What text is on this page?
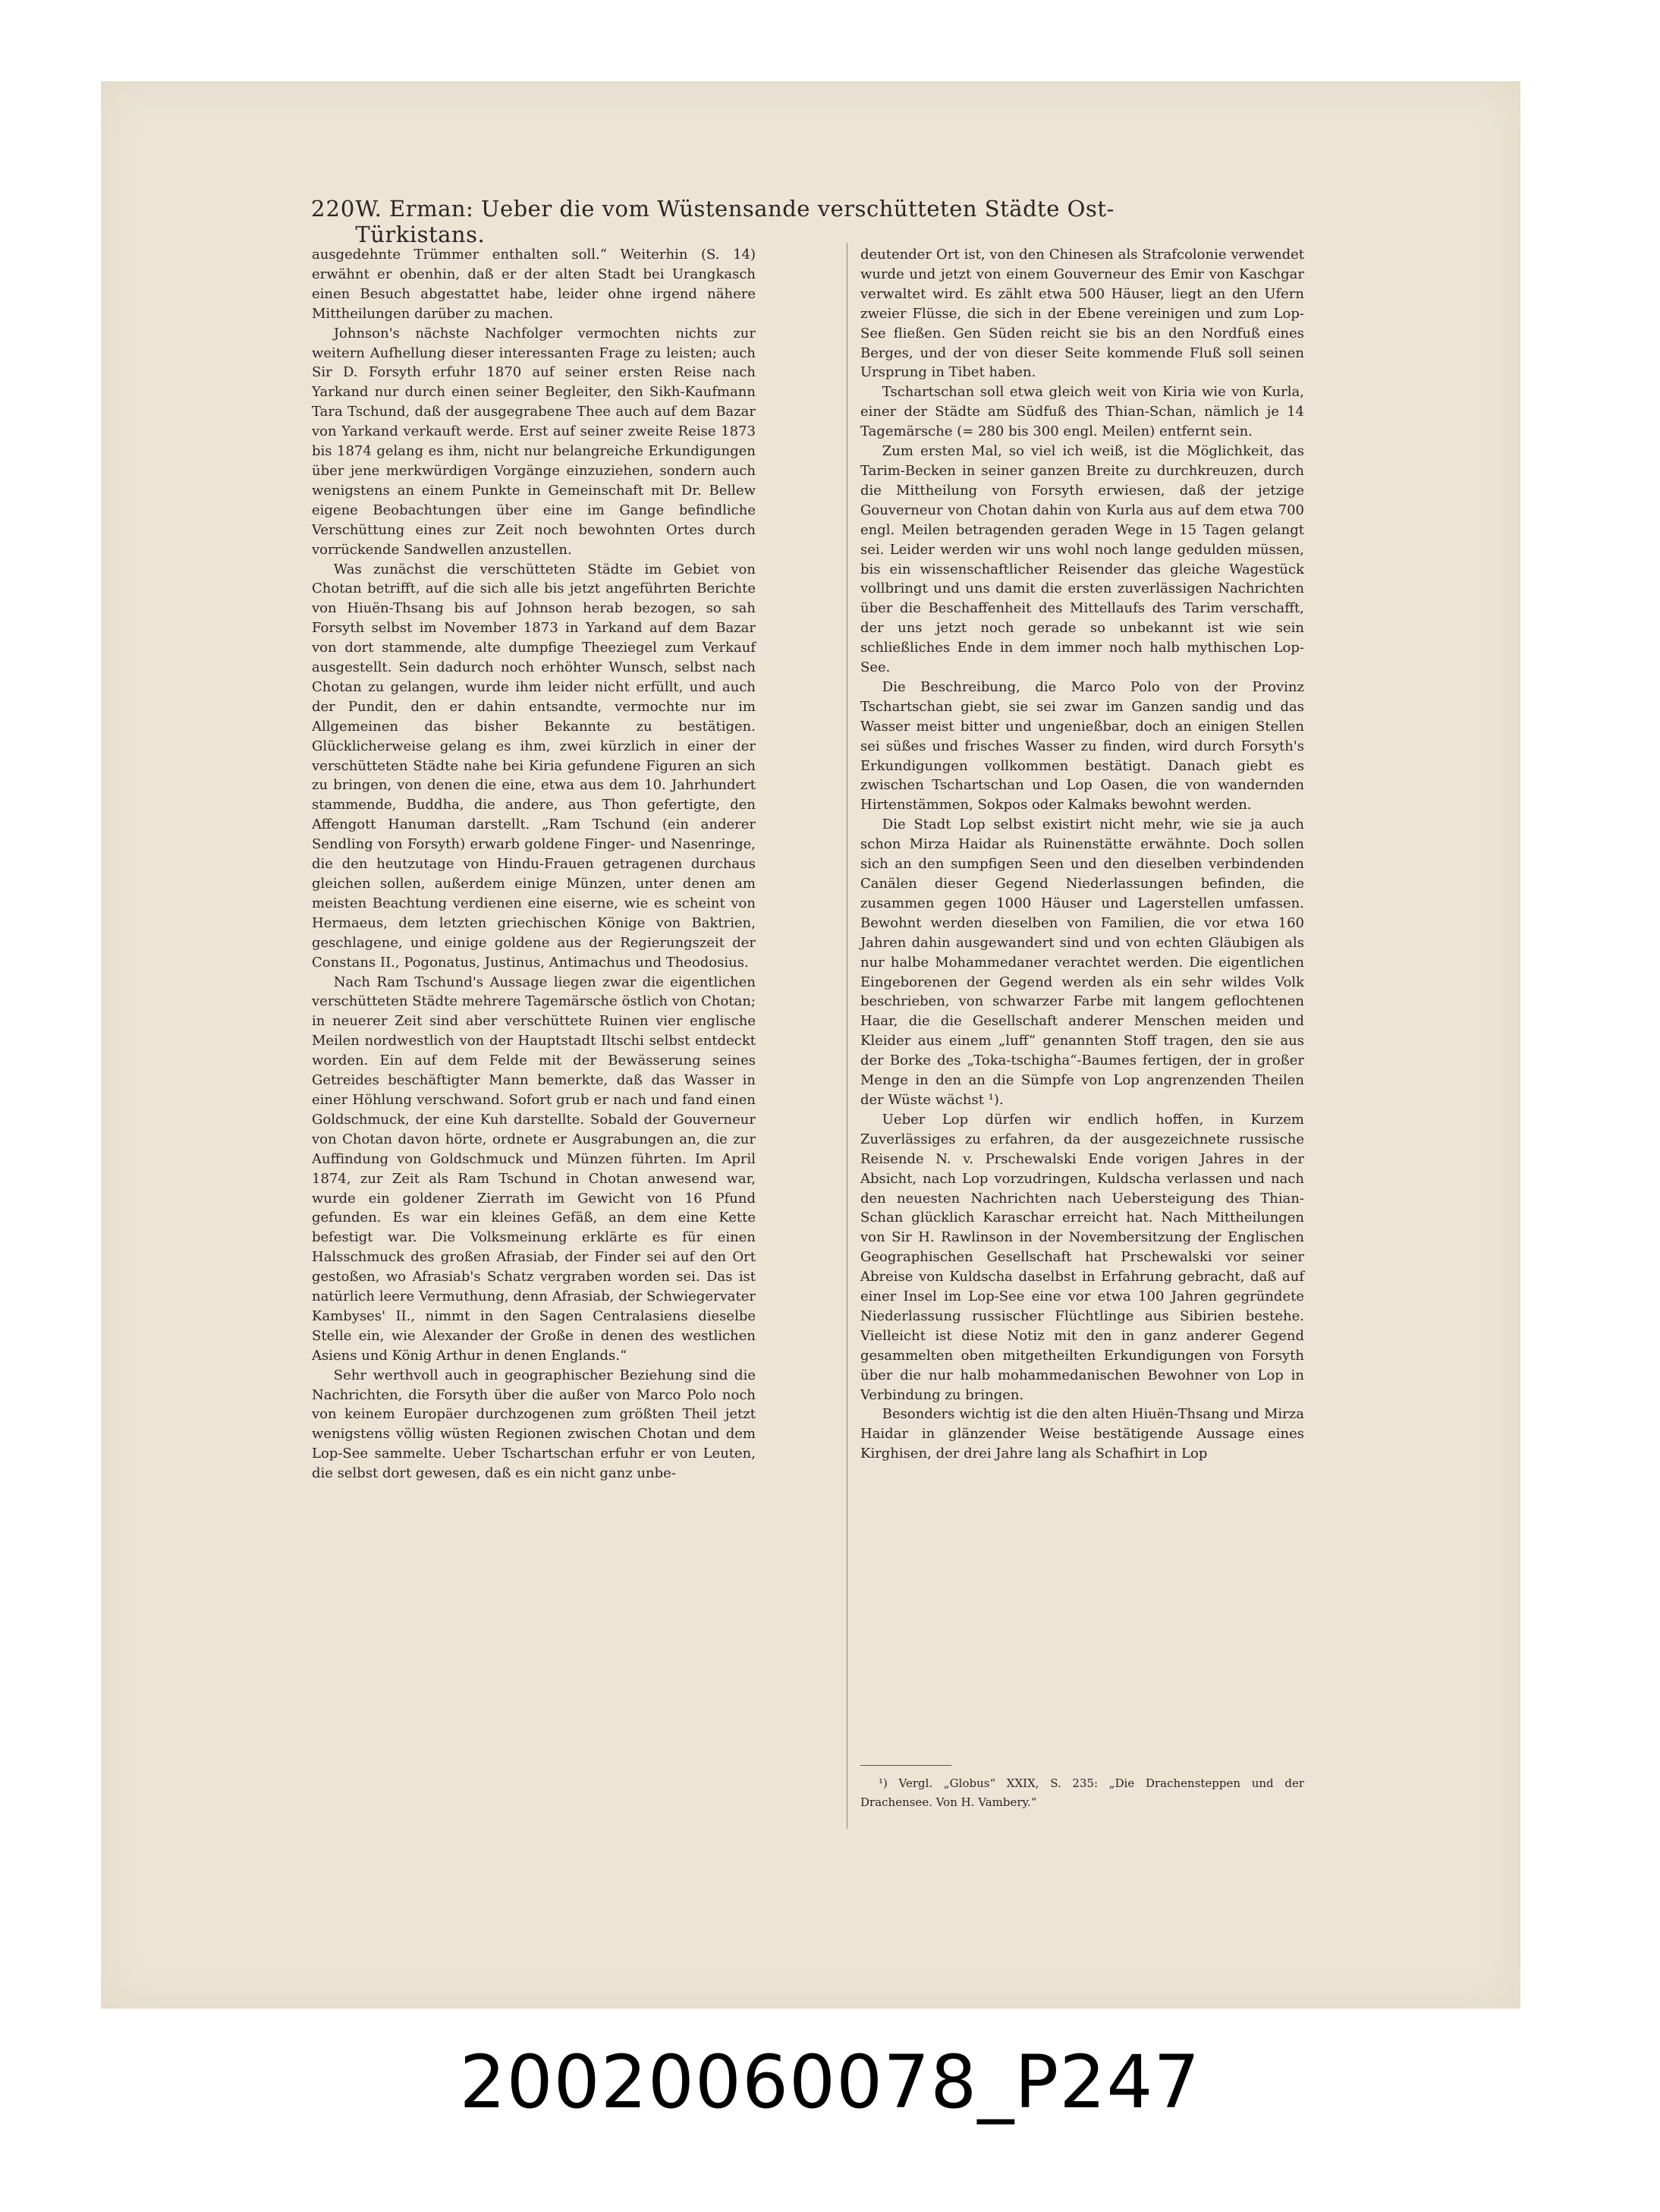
220 W. Erman: Ueber die vom Wüstensande verschütteten Städte Ost-Türkistans.

ausgedehnte Trümmer enthalten soll.“ Weiterhin (S. 14) erwähnt er obenhin, daß er der alten Stadt bei Urangkasch einen Besuch abgestattet habe, leider ohne irgend nähere Mittheilungen darüber zu machen.

Johnson's nächste Nachfolger vermochten nichts zur weitern Aufhellung dieser interessanten Frage zu leisten; auch Sir D. Forsyth erfuhr 1870 auf seiner ersten Reise nach Yarkand nur durch einen seiner Begleiter, den Sikh-Kaufmann Tara Tschund, daß der ausgegrabene Thee auch auf dem Bazar von Yarkand verkauft werde. Erst auf seiner zweite Reise 1873 bis 1874 gelang es ihm, nicht nur belangreiche Erkundigungen über jene merkwürdigen Vorgänge einzuziehen, sondern auch wenigstens an einem Punkte in Gemeinschaft mit Dr. Bellew eigene Beobachtungen über eine im Gange befindliche Verschüttung eines zur Zeit noch bewohnten Ortes durch vorrückende Sandwellen anzustellen.

Was zunächst die verschütteten Städte im Gebiet von Chotan betrifft, auf die sich alle bis jetzt angeführten Berichte von Hiuën-Thsang bis auf Johnson herab bezogen, so sah Forsyth selbst im November 1873 in Yarkand auf dem Bazar von dort stammende, alte dumpfige Theeziegel zum Verkauf ausgestellt. Sein dadurch noch erhöhter Wunsch, selbst nach Chotan zu gelangen, wurde ihm leider nicht erfüllt, und auch der Pundit, den er dahin entsandte, vermochte nur im Allgemeinen das bisher Bekannte zu bestätigen. Glücklicherweise gelang es ihm, zwei kürzlich in einer der verschütteten Städte nahe bei Kiria gefundene Figuren an sich zu bringen, von denen die eine, etwa aus dem 10. Jahrhundert stammende, Buddha, die andere, aus Thon gefertigte, den Affengott Hanuman darstellt. „Ram Tschund (ein anderer Sendling von Forsyth) erwarb goldene Finger- und Nasenringe, die den heutzutage von Hindu-Frauen getragenen durchaus gleichen sollen, außerdem einige Münzen, unter denen am meisten Beachtung verdienen eine eiserne, wie es scheint von Hermaeus, dem letzten griechischen Könige von Baktrien, geschlagene, und einige goldene aus der Regierungszeit der Constans II., Pogonatus, Justinus, Antimachus und Theodosius.

Nach Ram Tschund's Aussage liegen zwar die eigentlichen verschütteten Städte mehrere Tagemärsche östlich von Chotan; in neuerer Zeit sind aber verschüttete Ruinen vier englische Meilen nordwestlich von der Hauptstadt Iltschi selbst entdeckt worden. Ein auf dem Felde mit der Bewässerung seines Getreides beschäftigter Mann bemerkte, daß das Wasser in einer Höhlung verschwand. Sofort grub er nach und fand einen Goldschmuck, der eine Kuh darstellte. Sobald der Gouverneur von Chotan davon hörte, ordnete er Ausgrabungen an, die zur Auffindung von Goldschmuck und Münzen führten. Im April 1874, zur Zeit als Ram Tschund in Chotan anwesend war, wurde ein goldener Zierrath im Gewicht von 16 Pfund gefunden. Es war ein kleines Gefäß, an dem eine Kette befestigt war. Die Volksmeinung erklärte es für einen Halsschmuck des großen Afrasiab, der Finder sei auf den Ort gestoßen, wo Afrasiab's Schatz vergraben worden sei. Das ist natürlich leere Vermuthung, denn Afrasiab, der Schwiegervater Kambyses' II., nimmt in den Sagen Centralasiens dieselbe Stelle ein, wie Alexander der Große in denen des westlichen Asiens und König Arthur in denen Englands.“

Sehr werthvoll auch in geographischer Beziehung sind die Nachrichten, die Forsyth über die außer von Marco Polo noch von keinem Europäer durchzogenen zum größten Theil jetzt wenigstens völlig wüsten Regionen zwischen Chotan und dem Lop-See sammelte. Ueber Tschartschan erfuhr er von Leuten, die selbst dort gewesen, daß es ein nicht ganz unbe-

deutender Ort ist, von den Chinesen als Strafcolonie verwendet wurde und jetzt von einem Gouverneur des Emir von Kaschgar verwaltet wird. Es zählt etwa 500 Häuser, liegt an den Ufern zweier Flüsse, die sich in der Ebene vereinigen und zum Lop-See fließen. Gen Süden reicht sie bis an den Nordfuß eines Berges, und der von dieser Seite kommende Fluß soll seinen Ursprung in Tibet haben.

Tschartschan soll etwa gleich weit von Kiria wie von Kurla, einer der Städte am Südfuß des Thian-Schan, nämlich je 14 Tagemärsche (= 280 bis 300 engl. Meilen) entfernt sein.

Zum ersten Mal, so viel ich weiß, ist die Möglichkeit, das Tarim-Becken in seiner ganzen Breite zu durchkreuzen, durch die Mittheilung von Forsyth erwiesen, daß der jetzige Gouverneur von Chotan dahin von Kurla aus auf dem etwa 700 engl. Meilen betragenden geraden Wege in 15 Tagen gelangt sei. Leider werden wir uns wohl noch lange gedulden müssen, bis ein wissenschaftlicher Reisender das gleiche Wagestück vollbringt und uns damit die ersten zuverlässigen Nachrichten über die Beschaffenheit des Mittellaufs des Tarim verschafft, der uns jetzt noch gerade so unbekannt ist wie sein schließliches Ende in dem immer noch halb mythischen Lop-See.

Die Beschreibung, die Marco Polo von der Provinz Tschartschan giebt, sie sei zwar im Ganzen sandig und das Wasser meist bitter und ungenießbar, doch an einigen Stellen sei süßes und frisches Wasser zu finden, wird durch Forsyth's Erkundigungen vollkommen bestätigt. Danach giebt es zwischen Tschartschan und Lop Oasen, die von wandernden Hirtenstämmen, Sokpos oder Kalmaks bewohnt werden.

Die Stadt Lop selbst existirt nicht mehr, wie sie ja auch schon Mirza Haidar als Ruinenstätte erwähnte. Doch sollen sich an den sumpfigen Seen und den dieselben verbindenden Canälen dieser Gegend Niederlassungen befinden, die zusammen gegen 1000 Häuser und Lagerstellen umfassen. Bewohnt werden dieselben von Familien, die vor etwa 160 Jahren dahin ausgewandert sind und von echten Gläubigen als nur halbe Mohammedaner verachtet werden. Die eigentlichen Eingeborenen der Gegend werden als ein sehr wildes Volk beschrieben, von schwarzer Farbe mit langem geflochtenen Haar, die die Gesellschaft anderer Menschen meiden und Kleider aus einem „luff“ genannten Stoff tragen, den sie aus der Borke des „Toka-tschigha“-Baumes fertigen, der in großer Menge in den an die Sümpfe von Lop angrenzenden Theilen der Wüste wächst ¹).

Ueber Lop dürfen wir endlich hoffen, in Kurzem Zuverlässiges zu erfahren, da der ausgezeichnete russische Reisende N. v. Prschewalski Ende vorigen Jahres in der Absicht, nach Lop vorzudringen, Kuldscha verlassen und nach den neuesten Nachrichten nach Uebersteigung des Thian-Schan glücklich Karaschar erreicht hat. Nach Mittheilungen von Sir H. Rawlinson in der Novembersitzung der Englischen Geographischen Gesellschaft hat Prschewalski vor seiner Abreise von Kuldscha daselbst in Erfahrung gebracht, daß auf einer Insel im Lop-See eine vor etwa 100 Jahren gegründete Niederlassung russischer Flüchtlinge aus Sibirien bestehe. Vielleicht ist diese Notiz mit den in ganz anderer Gegend gesammelten oben mitgetheilten Erkundigungen von Forsyth über die nur halb mohammedanischen Bewohner von Lop in Verbindung zu bringen.

Besonders wichtig ist die den alten Hiuën-Thsang und Mirza Haidar in glänzender Weise bestätigende Aussage eines Kirghisen, der drei Jahre lang als Schafhirt in Lop

¹) Vergl. „Globus“ XXIX, S. 235: „Die Drachensteppen und der Drachensee. Von H. Vambery.“
20020060078_P247
